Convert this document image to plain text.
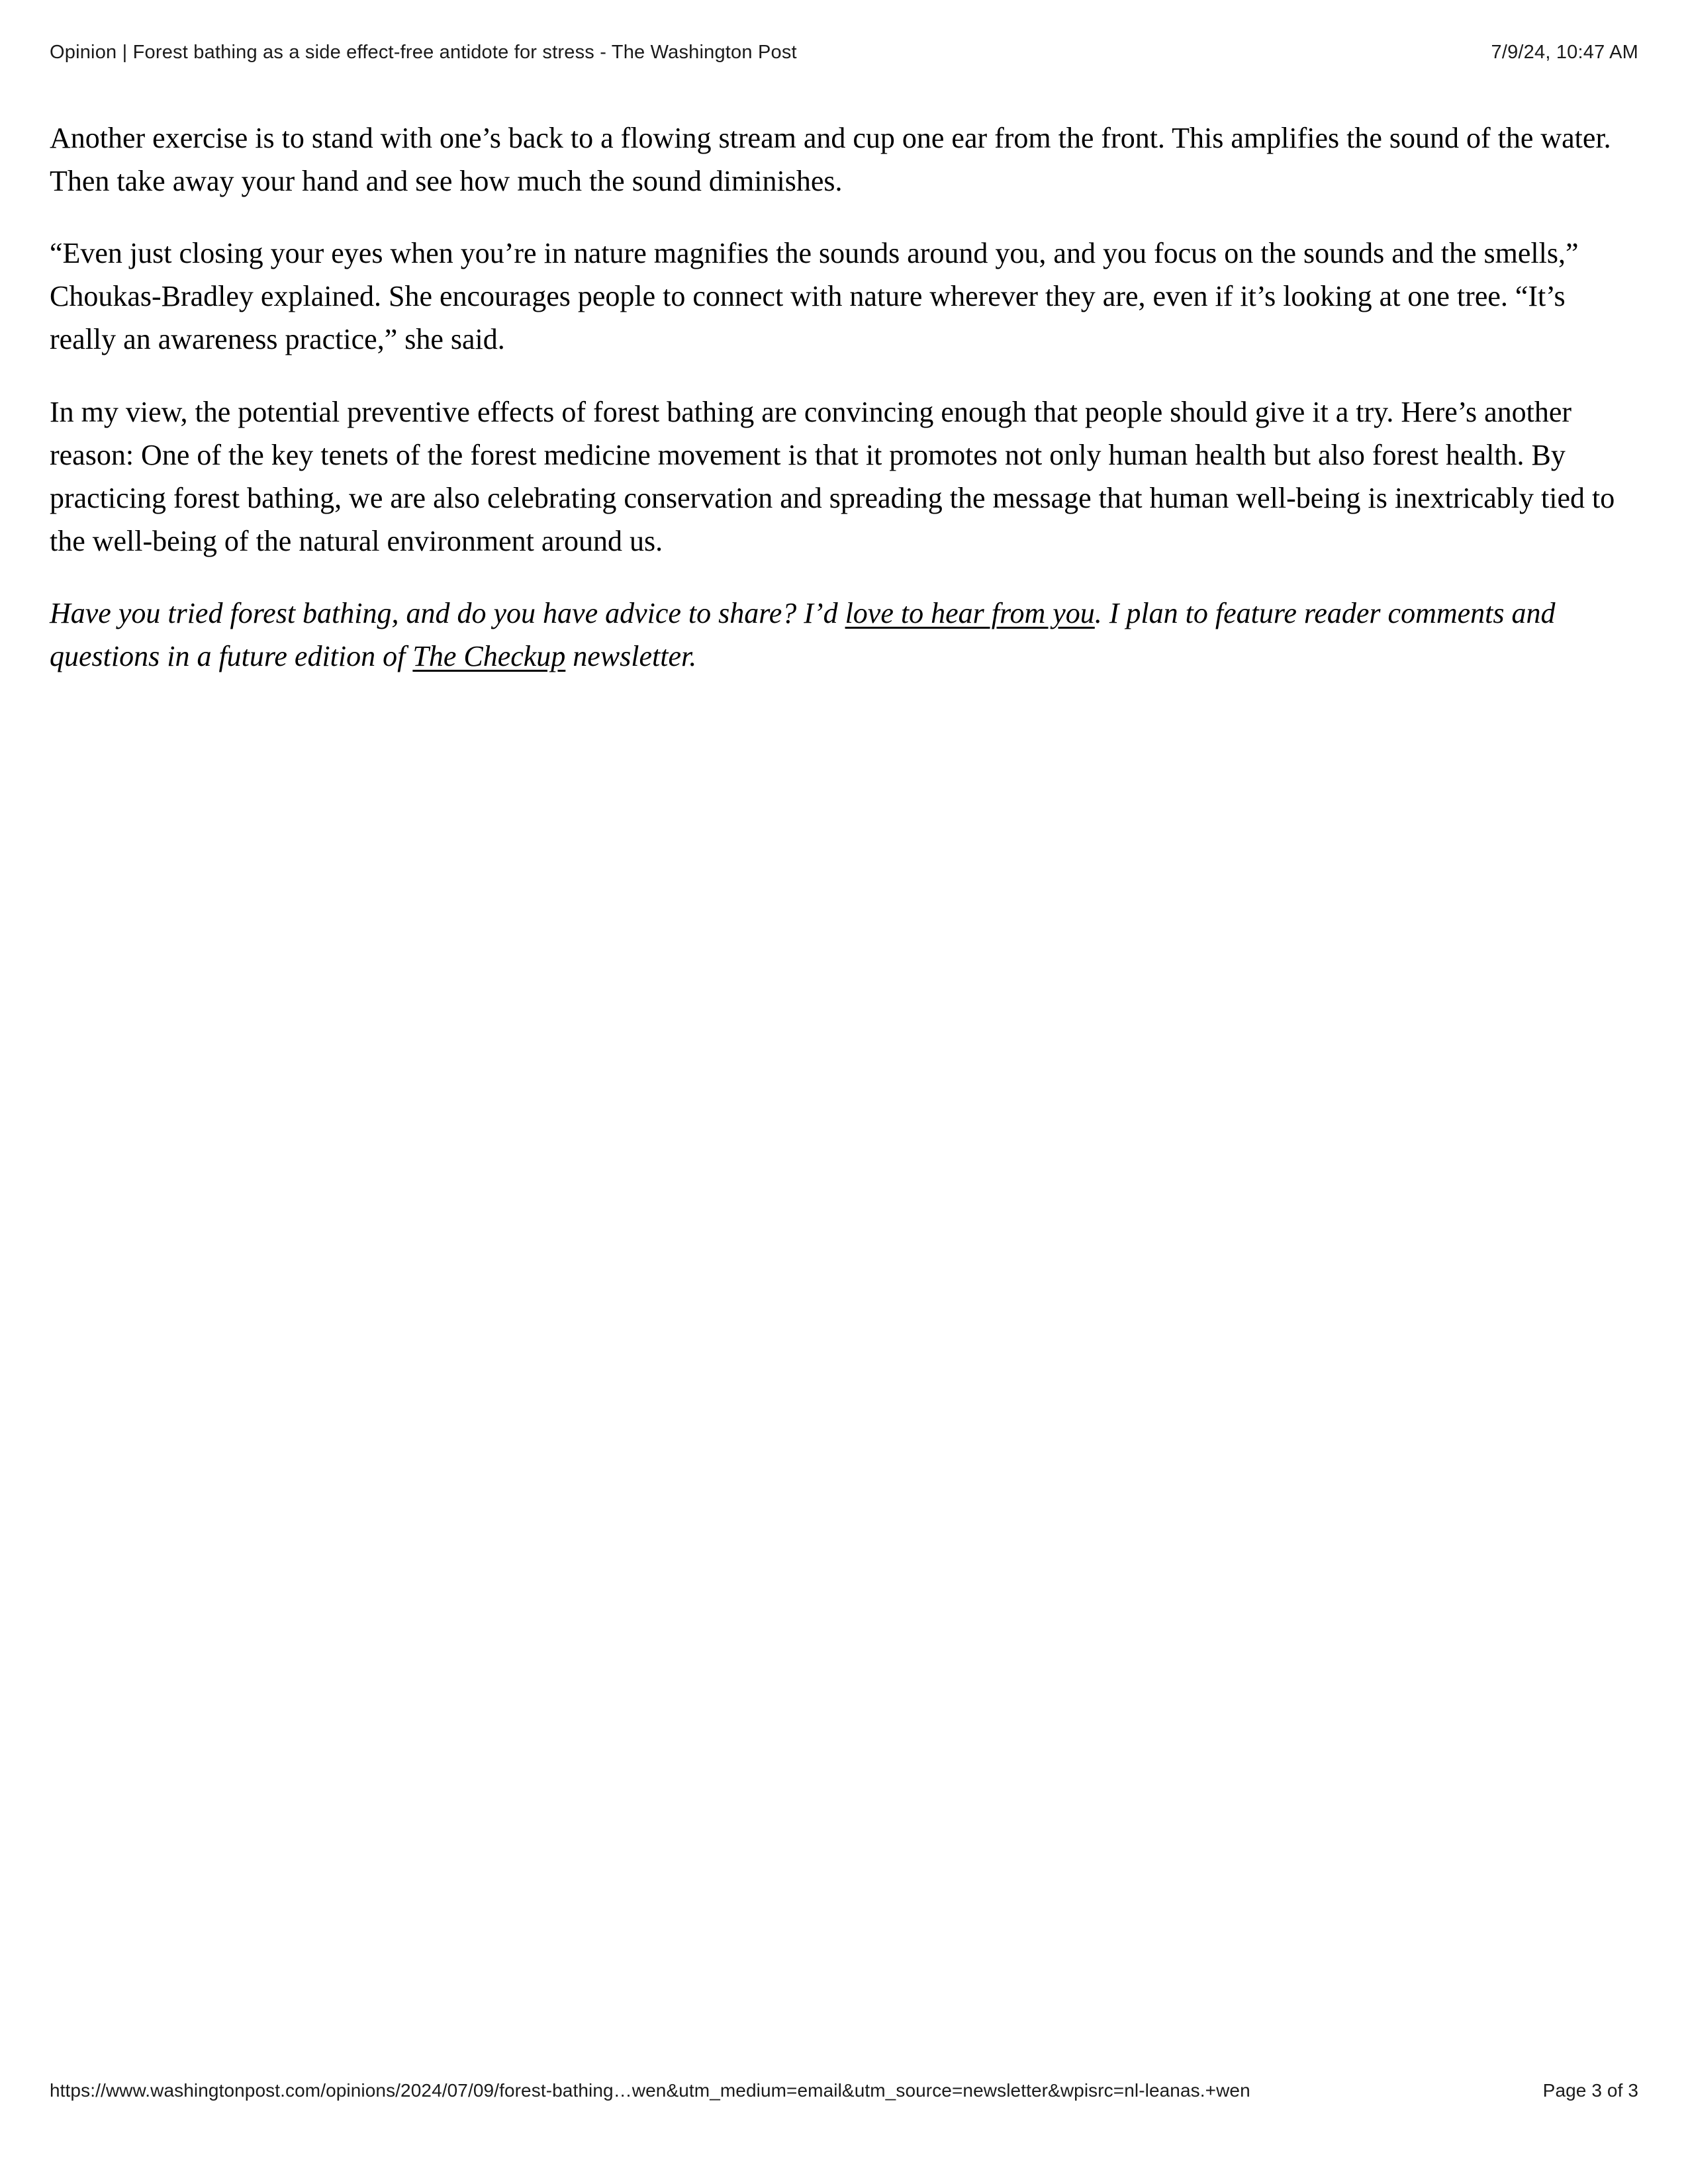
Opinion | Forest bathing as a side effect-free antidote for stress - The Washington Post	7/9/24, 10:47 AM

Another exercise is to stand with one’s back to a flowing stream and cup one ear from the front. This amplifies the sound of the water. Then take away your hand and see how much the sound diminishes.

“Even just closing your eyes when you’re in nature magnifies the sounds around you, and you focus on the sounds and the smells,” Choukas-Bradley explained. She encourages people to connect with nature wherever they are, even if it’s looking at one tree. “It’s really an awareness practice,” she said.

In my view, the potential preventive effects of forest bathing are convincing enough that people should give it a try. Here’s another reason: One of the key tenets of the forest medicine movement is that it promotes not only human health but also forest health. By practicing forest bathing, we are also celebrating conservation and spreading the message that human well-being is inextricably tied to the well-being of the natural environment around us.

Have you tried forest bathing, and do you have advice to share? I’d love to hear from you. I plan to feature reader comments and questions in a future edition of The Checkup newsletter.

https://www.washingtonpost.com/opinions/2024/07/09/forest-bathing…wen&utm_medium=email&utm_source=newsletter&wpisrc=nl-leanas.+wen	Page 3 of 3
